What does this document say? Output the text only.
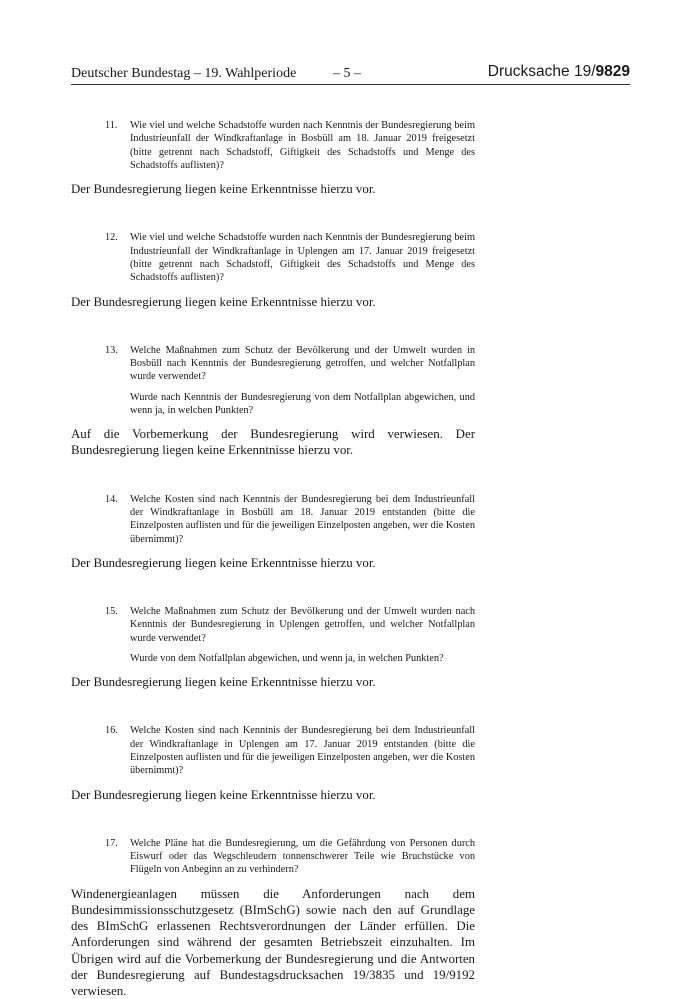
Deutscher Bundestag – 19. Wahlperiode	– 5 –	Drucksache 19/9829
11. Wie viel und welche Schadstoffe wurden nach Kenntnis der Bundesregierung beim Industrieunfall der Windkraftanlage in Bosbüll am 18. Januar 2019 freigesetzt (bitte getrennt nach Schadstoff, Giftigkeit des Schadstoffs und Menge des Schadstoffs auflisten)?

Der Bundesregierung liegen keine Erkenntnisse hierzu vor.

12. Wie viel und welche Schadstoffe wurden nach Kenntnis der Bundesregierung beim Industrieunfall der Windkraftanlage in Uplengen am 17. Januar 2019 freigesetzt (bitte getrennt nach Schadstoff, Giftigkeit des Schadstoffs und Menge des Schadstoffs auflisten)?

Der Bundesregierung liegen keine Erkenntnisse hierzu vor.

13. Welche Maßnahmen zum Schutz der Bevölkerung und der Umwelt wurden in Bosbüll nach Kenntnis der Bundesregierung getroffen, und welcher Notfallplan wurde verwendet?

Wurde nach Kenntnis der Bundesregierung von dem Notfallplan abgewichen, und wenn ja, in welchen Punkten?

Auf die Vorbemerkung der Bundesregierung wird verwiesen. Der Bundesregierung liegen keine Erkenntnisse hierzu vor.

14. Welche Kosten sind nach Kenntnis der Bundesregierung bei dem Industrieunfall der Windkraftanlage in Bosbüll am 18. Januar 2019 entstanden (bitte die Einzelposten auflisten und für die jeweiligen Einzelposten angeben, wer die Kosten übernimmt)?

Der Bundesregierung liegen keine Erkenntnisse hierzu vor.

15. Welche Maßnahmen zum Schutz der Bevölkerung und der Umwelt wurden nach Kenntnis der Bundesregierung in Uplengen getroffen, und welcher Notfallplan wurde verwendet?

Wurde von dem Notfallplan abgewichen, und wenn ja, in welchen Punkten?

Der Bundesregierung liegen keine Erkenntnisse hierzu vor.

16. Welche Kosten sind nach Kenntnis der Bundesregierung bei dem Industrieunfall der Windkraftanlage in Uplengen am 17. Januar 2019 entstanden (bitte die Einzelposten auflisten und für die jeweiligen Einzelposten angeben, wer die Kosten übernimmt)?

Der Bundesregierung liegen keine Erkenntnisse hierzu vor.

17. Welche Pläne hat die Bundesregierung, um die Gefährdung von Personen durch Eiswurf oder das Wegschleudern tonnenschwerer Teile wie Bruchstücke von Flügeln von Anbeginn an zu verhindern?

Windenergieanlagen müssen die Anforderungen nach dem Bundesimmissionsschutzgesetz (BImSchG) sowie nach den auf Grundlage des BImSchG erlassenen Rechtsverordnungen der Länder erfüllen. Die Anforderungen sind während der gesamten Betriebszeit einzuhalten. Im Übrigen wird auf die Vorbemerkung der Bundesregierung und die Antworten der Bundesregierung auf Bundestagsdrucksachen 19/3835 und 19/9192 verwiesen.
